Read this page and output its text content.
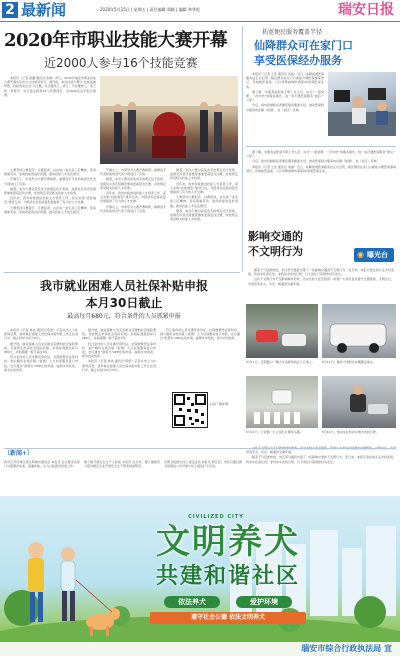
2 最新闻	2020年5月15日 | 星期五 | 责任编辑 郑颖 | 编辑 林华松	瑞安日报
2020年市职业技能大赛开幕
近2000人参与16个技能竞赛

本报讯（记者 陈鑫 通讯员 张晓）昨日，2020年瑞安市职业技能大赛开幕式在市人力社保局举行。据介绍，本次技能大赛以“技能成就梦想，技能改变生活”为主题，共设置电工、焊工、汽车维修工、茶艺师、育婴员、中式面点师等16个竞赛项目，近2000名选手报名参赛。

大赛坚持以赛促学、以赛促训，旨在进一步弘扬工匠精神，营造尊重劳动、崇尚技能的良好氛围，推动技能人才队伍建设。

开幕式上，市领导为大赛开赛鸣锣，参赛选手代表和裁判员代表分别进行了宣誓。

据悉，本次大赛对获奖选手按规定给予奖励，成绩优异者还将推荐参加更高层次比赛，并按规定享受相关技能人才政策。

近年来，我市持续推进技能人才培养工作，深入实施“技能瑞安”建设行动，为经济社会高质量发展提供了有力的人才支撑。

大赛坚持以赛促学、以赛促训，旨在进一步弘扬工匠精神，营造尊重劳动、崇尚技能的良好氛围，推动技能人才队伍建设。

开幕式上，市领导为大赛开赛鸣锣，参赛选手代表和裁判员代表分别进行了宣誓。

据悉，本次大赛对获奖选手按规定给予奖励，成绩优异者还将推荐参加更高层次比赛，并按规定享受相关技能人才政策。

近年来，我市持续推进技能人才培养工作，深入实施“技能瑞安”建设行动，为经济社会高质量发展提供了有力的人才支撑。

开幕式上，市领导为大赛开赛鸣锣，参赛选手代表和裁判员代表分别进行了宣誓。

据悉，本次大赛对获奖选手按规定给予奖励，成绩优异者还将推荐参加更高层次比赛，并按规定享受相关技能人才政策。

近年来，我市持续推进技能人才培养工作，深入实施“技能瑞安”建设行动，为经济社会高质量发展提供了有力的人才支撑。

大赛坚持以赛促学、以赛促训，旨在进一步弘扬工匠精神，营造尊重劳动、崇尚技能的良好氛围，推动技能人才队伍建设。

据悉，本次大赛对获奖选手按规定给予奖励，成绩优异者还将推荐参加更高层次比赛，并按规定享受相关技能人才政策。

拓宽便民服务覆盖半径
仙降群众可在家门口
享受医保经办服务

本报讯（记者 王佳 通讯员 刘丽）近日，仙降街道医保服务站正式启用，辖区群众在家门口就能办理医保参保登记、异地就医备案、门诊特殊病种申请等20余项医保业务。

据了解，该服务站配备专职工作人员，实行“一窗受理、一次办结”的服务模式，进一步打通医保服务“最后一公里”。

今后，我市将继续拓宽便民服务覆盖半径，推动医保经办服务向乡镇（街道）、村（社区）延伸。

据了解，该服务站配备专职工作人员，实行“一窗受理、一次办结”的服务模式，进一步打通医保服务“最后一公里”。

今后，我市将继续拓宽便民服务覆盖半径，推动医保经办服务向乡镇（街道）、村（社区）延伸。

本报讯（记者 王佳 通讯员 刘丽）近日，仙降街道医保服务站正式启用，辖区群众在家门口就能办理医保参保登记、异地就医备案、门诊特殊病种申请等20余项医保业务。

影响交通的
不文明行为	◉ 曝光台

随着天气逐渐转热，市区部分路段出现了一些影响交通的不文明行为。连日来，本报记者在街头走访时发现，机动车乱停乱放、非机动车逆向行驶、行人闯红灯等现象时有发生。

这些不文明行为不仅影响城市形象，还存在较大安全隐患。希望广大市民自觉遵守交通规则，文明出行，共同营造安全、有序、畅通的交通环境。

5月11日，安阳路口一辆小车违规停放在人行道上。	5月11日，瑞祥大道附近车辆随意掉头。
5月11日，万松路一行人闯红灯横穿马路。	5月11日，电动车在机动车道内逆向行驶。

营造安全、有序、畅通的交通环境。

随着天气逐渐转热，市区部分路段出现了一些影响交通的不文明行为。连日来，本报记者在街头走访时发现，机动车乱停乱放、非机动车逆向行驶、行人闯红灯等现象时有发生。

我市就业困难人员社保补贴申报
本月30日截止
最高每月680元，符合条件的人员抓紧申报

本报讯（记者 林洁 通讯员 陈凯）记者从市人力社保局获悉，我市就业困难人员社保补贴申报工作正在进行中，截止时间为5月30日。

据介绍，就业困难人员灵活就业后缴纳社会保险费的，可按规定申请社会保险补贴。补贴标准最高每月680元，补贴期限一般不超过3年。

符合条件的人员可携带身份证、社保缴费凭证等材料，到户籍所在地乡镇（街道）人力社保服务窗口申报，也可通过“浙里办”APP在线申请。逾期未申报的，视为自动放弃。

据介绍，就业困难人员灵活就业后缴纳社会保险费的，可按规定申请社会保险补贴。补贴标准最高每月680元，补贴期限一般不超过3年。

符合条件的人员可携带身份证、社保缴费凭证等材料，到户籍所在地乡镇（街道）人力社保服务窗口申报，也可通过“浙里办”APP在线申请。逾期未申报的，视为自动放弃。

本报讯（记者 林洁 通讯员 陈凯）记者从市人力社保局获悉，我市就业困难人员社保补贴申报工作正在进行中，截止时间为5月30日。

符合条件的人员可携带身份证、社保缴费凭证等材料，到户籍所在地乡镇（街道）人力社保服务窗口申报，也可通过“浙里办”APP在线申请。逾期未申报的，视为自动放弃。

扫码了解详情
〔新闻+〕
我市召开创建全国文明城市推进会 本报讯 会议要求各部门对照测评标准，查漏补缺，全力以赴推进创建工作。
塘下镇开展安全生产大检查 本报讯 连日来，塘下镇组织力量对辖区企业开展安全生产隐患排查整治。
市图书馆推出线上阅读活动 本报讯 即日起，市民可通过图书馆微信公众号参与线上阅读打卡活动。
CIVILIZED CITY
文明养犬
共建和谐社区
依法养犬	爱护环境
遵守社会公德 依法文明养犬
瑞安市综合行政执法局 宣
